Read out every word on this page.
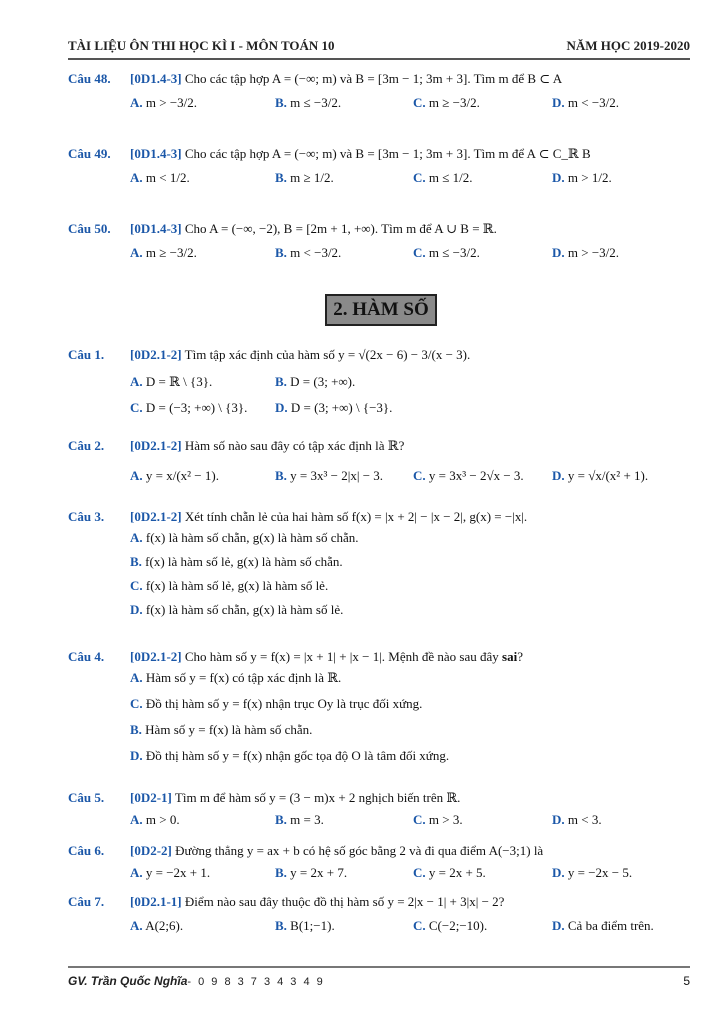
TÀI LIỆU ÔN THI HỌC KÌ I - MÔN TOÁN 10	NĂM HỌC 2019-2020
Câu 48. [0D1.4-3] Cho các tập hợp A = (−∞; m) và B = [3m − 1; 3m + 3]. Tìm m để B ⊂ A
A. m > −3/2.	B. m ≤ −3/2.	C. m ≥ −3/2.	D. m < −3/2.
Câu 49. [0D1.4-3] Cho các tập hợp A = (−∞; m) và B = [3m − 1; 3m + 3]. Tìm m để A ⊂ C_ℝ B
A. m < 1/2.	B. m ≥ 1/2.	C. m ≤ 1/2.	D. m > 1/2.
Câu 50. [0D1.4-3] Cho A = (−∞, −2), B = [2m + 1, +∞). Tìm m để A ∪ B = ℝ.
A. m ≥ −3/2.	B. m < −3/2.	C. m ≤ −3/2.	D. m > −3/2.
2. HÀM SỐ
Câu 1. [0D2.1-2] Tìm tập xác định của hàm số y = √(2x − 6) − 3/(x − 3).
A. D = ℝ \ {3}.	B. D = (3; +∞).
C. D = (−3; +∞) \ {3}. D. D = (3; +∞) \ {−3}.
Câu 2. [0D2.1-2] Hàm số nào sau đây có tập xác định là ℝ?
A. y = x/(x² − 1).	B. y = 3x³ − 2|x| − 3. C. y = 3x³ − 2√x − 3. D. y = √x/(x² + 1).
Câu 3. [0D2.1-2] Xét tính chẵn lẻ của hai hàm số f(x) = |x + 2| − |x − 2|, g(x) = −|x|.
A. f(x) là hàm số chẵn, g(x) là hàm số chẵn.
B. f(x) là hàm số lẻ, g(x) là hàm số chẵn.
C. f(x) là hàm số lẻ, g(x) là hàm số lẻ.
D. f(x) là hàm số chẵn, g(x) là hàm số lẻ.
Câu 4. [0D2.1-2] Cho hàm số y = f(x) = |x + 1| + |x − 1|. Mệnh đề nào sau đây sai?
A. Hàm số y = f(x) có tập xác định là ℝ.
C. Đồ thị hàm số y = f(x) nhận trục Oy là trục đối xứng.
B. Hàm số y = f(x) là hàm số chẵn.
D. Đồ thị hàm số y = f(x) nhận gốc tọa độ O là tâm đối xứng.
Câu 5. [0D2-1] Tìm m để hàm số y = (3 − m)x + 2 nghịch biến trên ℝ.
A. m > 0.	B. m = 3.	C. m > 3.	D. m < 3.
Câu 6. [0D2-2] Đường thẳng y = ax + b có hệ số góc bằng 2 và đi qua điểm A(−3;1) là
A. y = −2x + 1.	B. y = 2x + 7.	C. y = 2x + 5.	D. y = −2x − 5.
Câu 7. [0D2.1-1] Điểm nào sau đây thuộc đồ thị hàm số y = 2|x − 1| + 3|x| − 2?
A. A(2;6).	B. B(1;−1).	C. C(−2;−10).	D. Cả ba điểm trên.
GV. Trần Quốc Nghĩa- 0 9 8 3 7 3 4 3 4 9	5
